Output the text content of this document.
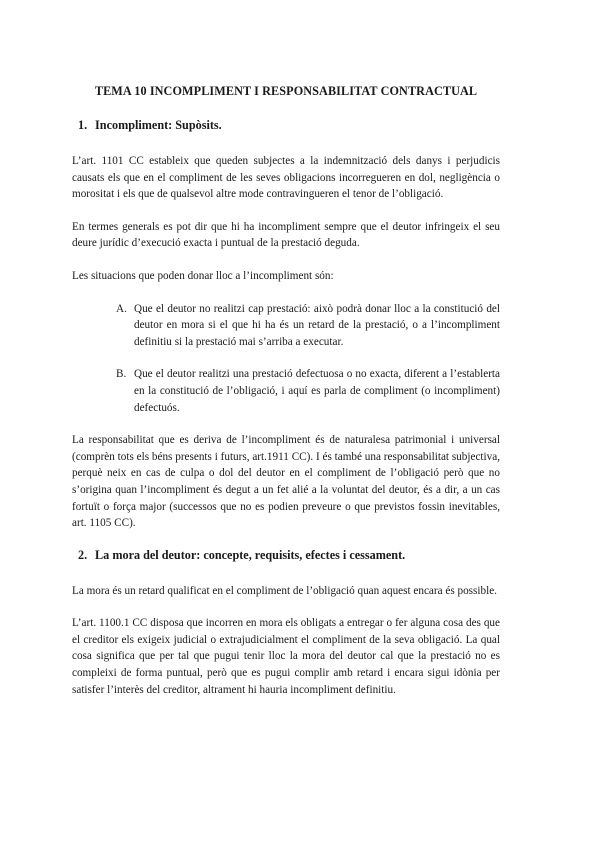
TEMA 10 INCOMPLIMENT I RESPONSABILITAT CONTRACTUAL
1. Incompliment: Supòsits.

L’art. 1101 CC estableix que queden subjectes a la indemnització dels danys i perjudicis causats els que en el compliment de les seves obligacions incorregueren en dol, negligència o morositat i els que de qualsevol altre mode contravingueren el tenor de l’obligació.

En termes generals es pot dir que hi ha incompliment sempre que el deutor infringeix el seu deure jurídic d’execució exacta i puntual de la prestació deguda.

Les situacions que poden donar lloc a l’incompliment són:

A. Que el deutor no realitzi cap prestació: això podrà donar lloc a la constitució del deutor en mora si el que hi ha és un retard de la prestació, o a l’incompliment definitiu si la prestació mai s’arriba a executar.
B. Que el deutor realitzi una prestació defectuosa o no exacta, diferent a l’establerta en la constitució de l’obligació, i aquí es parla de compliment (o incompliment) defectuós.

La responsabilitat que es deriva de l’incompliment és de naturalesa patrimonial i universal (comprèn tots els béns presents i futurs, art.1911 CC). I és també una responsabilitat subjectiva, perquè neix en cas de culpa o dol del deutor en el compliment de l’obligació però que no s’origina quan l’incompliment és degut a un fet alié a la voluntat del deutor, és a dir, a un cas fortuït o força major (successos que no es podien preveure o que previstos fossin inevitables, art. 1105 CC).

2. La mora del deutor: concepte, requisits, efectes i cessament.

La mora és un retard qualificat en el compliment de l’obligació quan aquest encara és possible.

L’art. 1100.1 CC disposa que incorren en mora els obligats a entregar o fer alguna cosa des que el creditor els exigeix judicial o extrajudicialment el compliment de la seva obligació. La qual cosa significa que per tal que pugui tenir lloc la mora del deutor cal que la prestació no es compleixi de forma puntual, però que es pugui complir amb retard i encara sigui idònia per satisfer l’interès del creditor, altrament hi hauria incompliment definitiu.
